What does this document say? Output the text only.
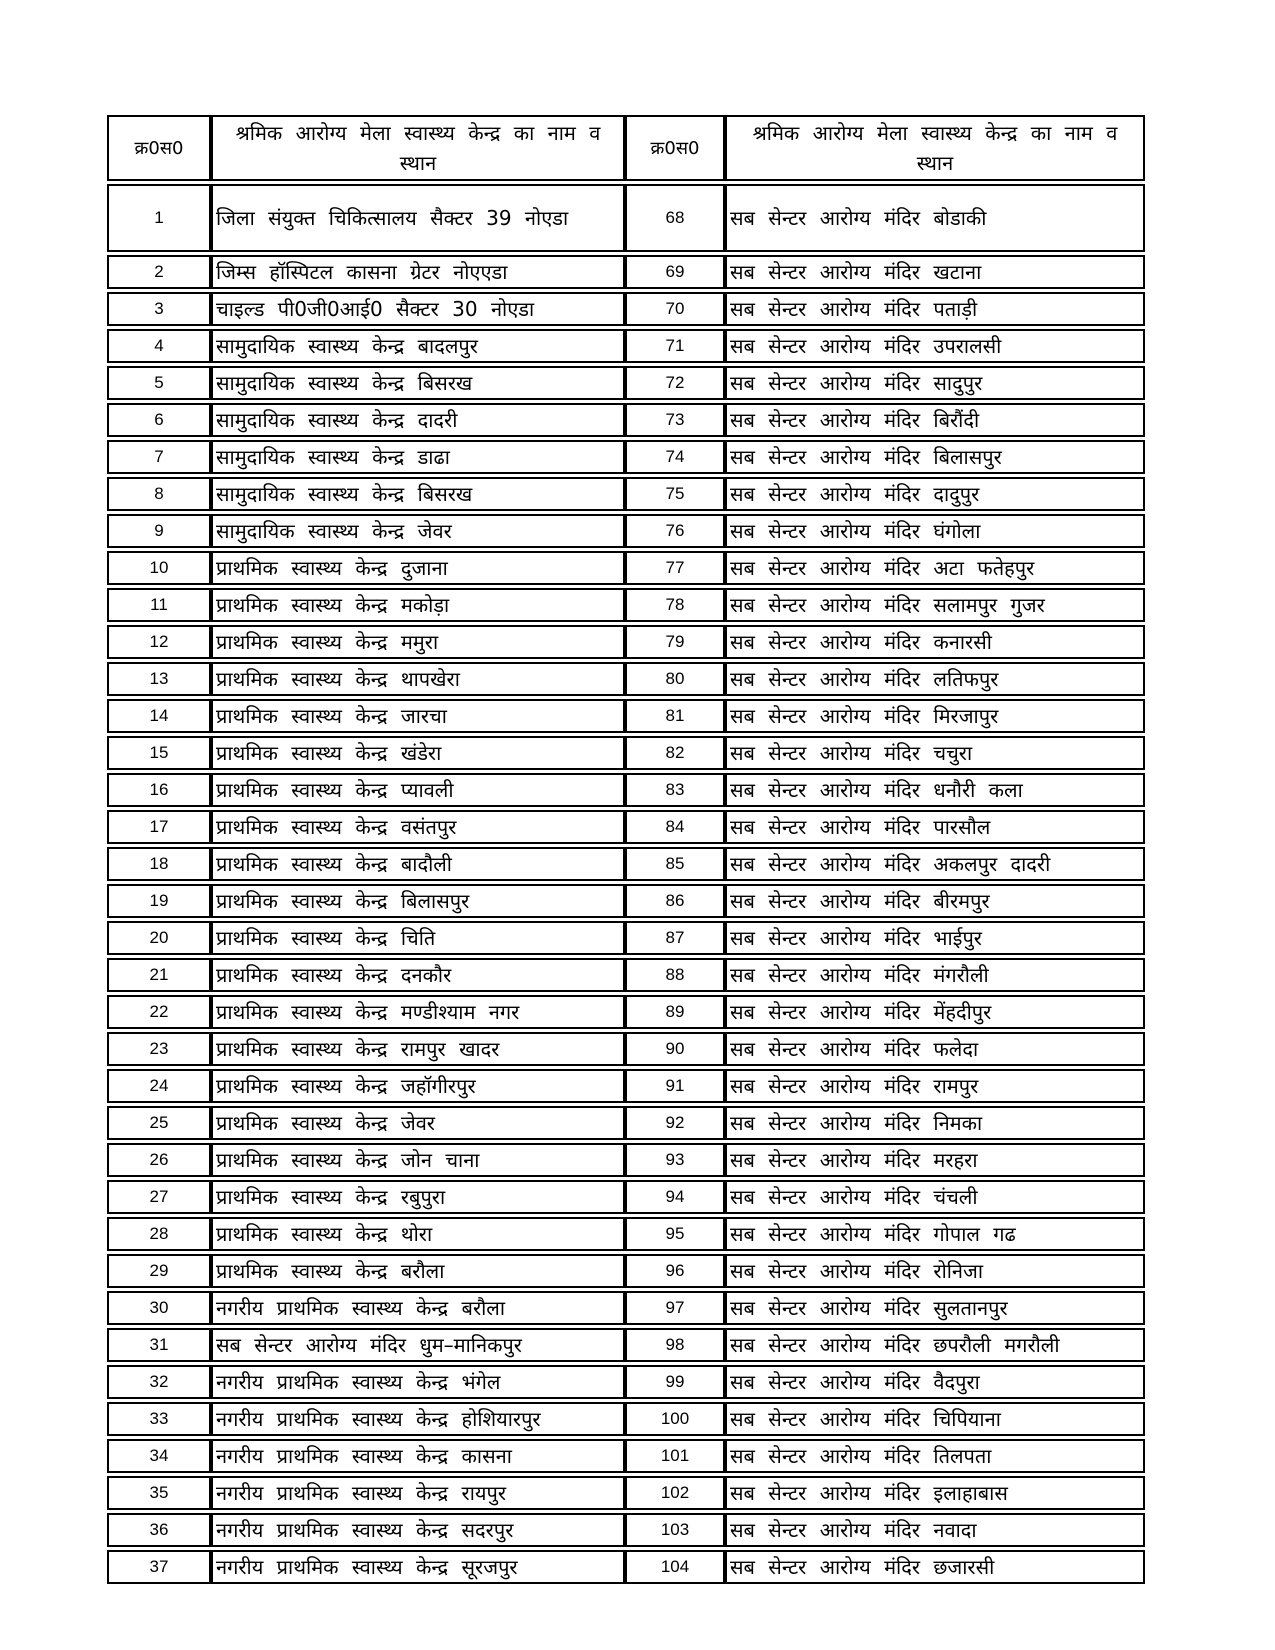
क्र0स0	श्रमिक आरोग्य मेला स्वास्थ्य केन्द्र का नाम व स्थान	क्र0स0	श्रमिक आरोग्य मेला स्वास्थ्य केन्द्र का नाम व स्थान
1	जिला संयुक्त चिकित्सालय सैक्टर 39 नोएडा	68	सब सेन्टर आरोग्य मंदिर बोडाकी
2	जिम्स हॉस्पिटल कासना ग्रेटर नोएएडा	69	सब सेन्टर आरोग्य मंदिर खटाना
3	चाइल्ड पी0जी0आई0 सैक्टर 30 नोएडा	70	सब सेन्टर आरोग्य मंदिर पताड़ी
4	सामुदायिक स्वास्थ्य केन्द्र बादलपुर	71	सब सेन्टर आरोग्य मंदिर उपरालसी
5	सामुदायिक स्वास्थ्य केन्द्र बिसरख	72	सब सेन्टर आरोग्य मंदिर सादुपुर
6	सामुदायिक स्वास्थ्य केन्द्र दादरी	73	सब सेन्टर आरोग्य मंदिर बिरौंदी
7	सामुदायिक स्वास्थ्य केन्द्र डाढा	74	सब सेन्टर आरोग्य मंदिर बिलासपुर
8	सामुदायिक स्वास्थ्य केन्द्र बिसरख	75	सब सेन्टर आरोग्य मंदिर दादुपुर
9	सामुदायिक स्वास्थ्य केन्द्र जेवर	76	सब सेन्टर आरोग्य मंदिर घंगोला
10	प्राथमिक स्वास्थ्य केन्द्र दुजाना	77	सब सेन्टर आरोग्य मंदिर अटा फतेहपुर
11	प्राथमिक स्वास्थ्य केन्द्र मकोड़ा	78	सब सेन्टर आरोग्य मंदिर सलामपुर गुजर
12	प्राथमिक स्वास्थ्य केन्द्र ममुरा	79	सब सेन्टर आरोग्य मंदिर कनारसी
13	प्राथमिक स्वास्थ्य केन्द्र थापखेरा	80	सब सेन्टर आरोग्य मंदिर लतिफपुर
14	प्राथमिक स्वास्थ्य केन्द्र जारचा	81	सब सेन्टर आरोग्य मंदिर मिरजापुर
15	प्राथमिक स्वास्थ्य केन्द्र खंडेरा	82	सब सेन्टर आरोग्य मंदिर चचुरा
16	प्राथमिक स्वास्थ्य केन्द्र प्यावली	83	सब सेन्टर आरोग्य मंदिर धनौरी कला
17	प्राथमिक स्वास्थ्य केन्द्र वसंतपुर	84	सब सेन्टर आरोग्य मंदिर पारसौल
18	प्राथमिक स्वास्थ्य केन्द्र बादौली	85	सब सेन्टर आरोग्य मंदिर अकलपुर दादरी
19	प्राथमिक स्वास्थ्य केन्द्र बिलासपुर	86	सब सेन्टर आरोग्य मंदिर बीरमपुर
20	प्राथमिक स्वास्थ्य केन्द्र चिति	87	सब सेन्टर आरोग्य मंदिर भाईपुर
21	प्राथमिक स्वास्थ्य केन्द्र दनकौर	88	सब सेन्टर आरोग्य मंदिर मंगरौली
22	प्राथमिक स्वास्थ्य केन्द्र मण्डीश्याम नगर	89	सब सेन्टर आरोग्य मंदिर मेंहदीपुर
23	प्राथमिक स्वास्थ्य केन्द्र रामपुर खादर	90	सब सेन्टर आरोग्य मंदिर फलेदा
24	प्राथमिक स्वास्थ्य केन्द्र जहॉगीरपुर	91	सब सेन्टर आरोग्य मंदिर रामपुर
25	प्राथमिक स्वास्थ्य केन्द्र जेवर	92	सब सेन्टर आरोग्य मंदिर निमका
26	प्राथमिक स्वास्थ्य केन्द्र जोन चाना	93	सब सेन्टर आरोग्य मंदिर मरहरा
27	प्राथमिक स्वास्थ्य केन्द्र रबुपुरा	94	सब सेन्टर आरोग्य मंदिर चंचली
28	प्राथमिक स्वास्थ्य केन्द्र थोरा	95	सब सेन्टर आरोग्य मंदिर गोपाल गढ
29	प्राथमिक स्वास्थ्य केन्द्र बरौला	96	सब सेन्टर आरोग्य मंदिर रोनिजा
30	नगरीय प्राथमिक स्वास्थ्य केन्द्र बरौला	97	सब सेन्टर आरोग्य मंदिर सुलतानपुर
31	सब सेन्टर आरोग्य मंदिर धुम–मानिकपुर	98	सब सेन्टर आरोग्य मंदिर छपरौली मगरौली
32	नगरीय प्राथमिक स्वास्थ्य केन्द्र भंगेल	99	सब सेन्टर आरोग्य मंदिर वैदपुरा
33	नगरीय प्राथमिक स्वास्थ्य केन्द्र होशियारपुर	100	सब सेन्टर आरोग्य मंदिर चिपियाना
34	नगरीय प्राथमिक स्वास्थ्य केन्द्र कासना	101	सब सेन्टर आरोग्य मंदिर तिलपता
35	नगरीय प्राथमिक स्वास्थ्य केन्द्र रायपुर	102	सब सेन्टर आरोग्य मंदिर इलाहाबास
36	नगरीय प्राथमिक स्वास्थ्य केन्द्र सदरपुर	103	सब सेन्टर आरोग्य मंदिर नवादा
37	नगरीय प्राथमिक स्वास्थ्य केन्द्र सूरजपुर	104	सब सेन्टर आरोग्य मंदिर छजारसी
